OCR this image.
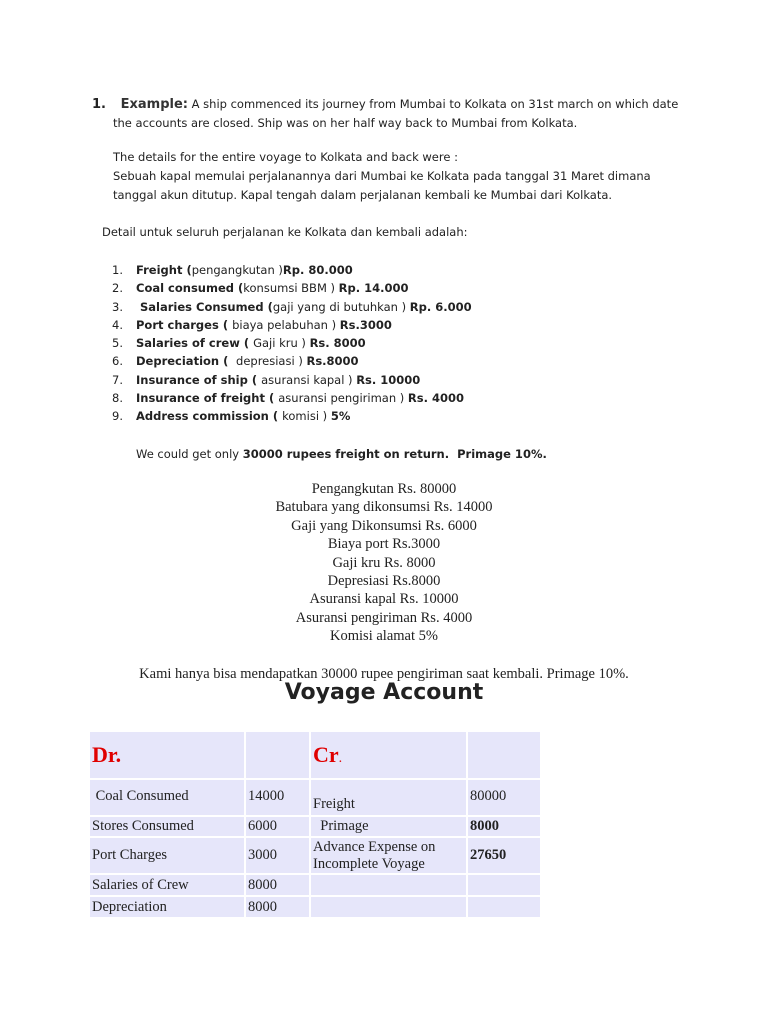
1. Example: A ship commenced its journey from Mumbai to Kolkata on 31st march on which date
the accounts are closed. Ship was on her half way back to Mumbai from Kolkata.
The details for the entire voyage to Kolkata and back were :
Sebuah kapal memulai perjalanannya dari Mumbai ke Kolkata pada tanggal 31 Maret dimana
tanggal akun ditutup. Kapal tengah dalam perjalanan kembali ke Mumbai dari Kolkata.
Detail untuk seluruh perjalanan ke Kolkata dan kembali adalah:
1. Freight (pengangkutan )Rp. 80.000
2. Coal consumed (konsumsi BBM ) Rp. 14.000
3. Salaries Consumed (gaji yang di butuhkan ) Rp. 6.000
4. Port charges ( biaya pelabuhan ) Rs.3000
5. Salaries of crew ( Gaji kru ) Rs. 8000
6. Depreciation (  depresiasi ) Rs.8000
7. Insurance of ship ( asuransi kapal ) Rs. 10000
8. Insurance of freight ( asuransi pengiriman ) Rs. 4000
9. Address commission ( komisi ) 5%
We could get only 30000 rupees freight on return.  Primage 10%.
Pengangkutan Rs. 80000
Batubara yang dikonsumsi Rs. 14000
Gaji yang Dikonsumsi Rs. 6000
Biaya port Rs.3000
Gaji kru Rs. 8000
Depresiasi Rs.8000
Asuransi kapal Rs. 10000
Asuransi pengiriman Rs. 4000
Komisi alamat 5%
Kami hanya bisa mendapatkan 30000 rupee pengiriman saat kembali. Primage 10%.
Voyage Account
Dr.		Cr.	
Coal Consumed	14000	Freight	80000
Stores Consumed	6000	Primage	8000
Port Charges	3000	Advance Expense on Incomplete Voyage	27650
Salaries of Crew	8000		
Depreciation	8000		
